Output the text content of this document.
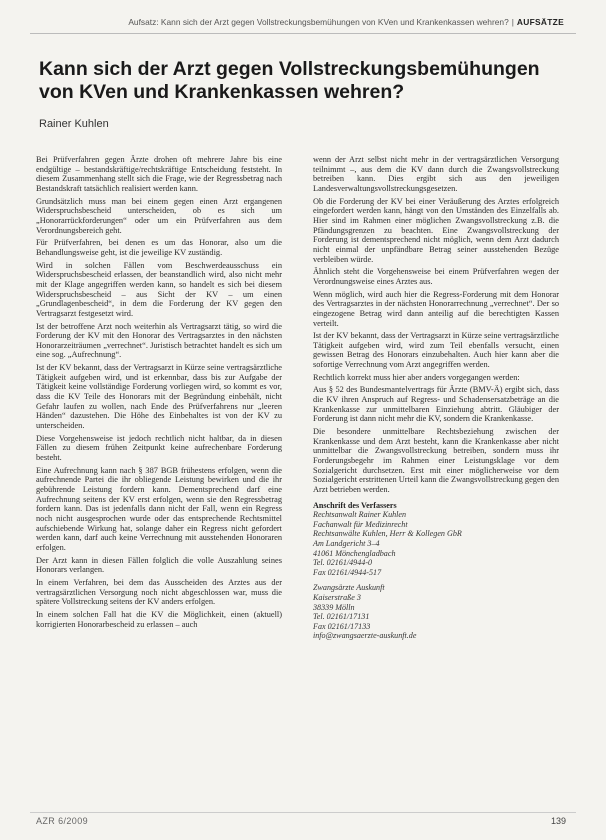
Aufsatz: Kann sich der Arzt gegen Vollstreckungsbemühungen von KVen und Krankenkassen wehren? | AUFSÄTZE
Kann sich der Arzt gegen Vollstreckungsbemühungen von KVen und Krankenkassen wehren?
Rainer Kuhlen

Bei Prüfverfahren gegen Ärzte drohen oft mehrere Jahre bis eine endgültige – bestandskräftige/rechtskräftige Entscheidung feststeht. In diesem Zusammenhang stellt sich die Frage, wie der Regressbetrag nach Bestandskraft tatsächlich realisiert werden kann.

Grundsätzlich muss man bei einem gegen einen Arzt ergangenen Widerspruchsbescheid unterscheiden, ob es sich um „Honorarrückforderungen“ oder um ein Prüfverfahren aus dem Verordnungsbereich geht.

Für Prüfverfahren, bei denen es um das Honorar, also um die Behandlungsweise geht, ist die jeweilige KV zuständig.

Wird in solchen Fällen vom Beschwerdeausschuss ein Widerspruchsbescheid erlassen, der beanstandlich wird, also nicht mehr mit der Klage angegriffen werden kann, so handelt es sich bei diesem Widerspruchsbescheid – aus Sicht der KV – um einen „Grundlagenbescheid“, in dem die Forderung der KV gegen den Vertragsarzt festgesetzt wird.

Ist der betroffene Arzt noch weiterhin als Vertragsarzt tätig, so wird die Forderung der KV mit den Honorar des Vertragsarztes in den nächsten Honorarzeiträumen „verrechnet“. Juristisch betrachtet handelt es sich um eine sog. „Aufrechnung“.

Ist der KV bekannt, dass der Vertragsarzt in Kürze seine vertragsärztliche Tätigkeit aufgeben wird, und ist erkennbar, dass bis zur Aufgabe der Tätigkeit keine vollständige Forderung vorliegen wird, so kommt es vor, dass die KV Teile des Honorars mit der Begründung einbehält, nicht Gefahr laufen zu wollen, nach Ende des Prüfverfahrens nur „leeren Händen“ dazustehen. Die Höhe des Einbehaltes ist von der KV zu unterscheiden.

Diese Vorgehensweise ist jedoch rechtlich nicht haltbar, da in diesen Fällen zu diesem frühen Zeitpunkt keine aufrechenbare Forderung besteht.

Eine Aufrechnung kann nach § 387 BGB frühestens erfolgen, wenn die aufrechnende Partei die ihr obliegende Leistung bewirken und die ihr gebührende Leistung fordern kann. Dementsprechend darf eine Aufrechnung seitens der KV erst erfolgen, wenn sie den Regressbetrag fordern kann. Das ist jedenfalls dann nicht der Fall, wenn ein Regress noch nicht ausgesprochen wurde oder das entsprechende Rechtsmittel aufschiebende Wirkung hat, solange daher ein Regress nicht gefordert werden kann, darf auch keine Verrechnung mit ausstehenden Honoraren erfolgen.

Der Arzt kann in diesen Fällen folglich die volle Auszahlung seines Honorars verlangen.

In einem Verfahren, bei dem das Ausscheiden des Arztes aus der vertragsärztlichen Versorgung noch nicht abgeschlossen war, muss die spätere Vollstreckung seitens der KV anders erfolgen.

In einem solchen Fall hat die KV die Möglichkeit, einen (aktuell) korrigierten Honorarbescheid zu erlassen – auch

wenn der Arzt selbst nicht mehr in der vertragsärztlichen Versorgung teilnimmt –, aus dem die KV dann durch die Zwangsvollstreckung betreiben kann. Dies ergibt sich aus den jeweiligen Landesverwaltungsvollstreckungsgesetzen.

Ob die Forderung der KV bei einer Veräußerung des Arztes erfolgreich eingefordert werden kann, hängt von den Umständen des Einzelfalls ab. Hier sind im Rahmen einer möglichen Zwangsvollstreckung z.B. die Pfändungsgrenzen zu beachten. Eine Zwangsvollstreckung der Forderung ist dementsprechend nicht möglich, wenn dem Arzt dadurch nicht einmal der unpfändbare Betrag seiner ausstehenden Bezüge verbleiben würde.

Ähnlich steht die Vorgehensweise bei einem Prüfverfahren wegen der Verordnungsweise eines Arztes aus.

Wenn möglich, wird auch hier die Regress-Forderung mit dem Honorar des Vertragsarztes in der nächsten Honorarrechnung „verrechnet“. Der so eingezogene Betrag wird dann anteilig auf die berechtigten Kassen verteilt.

Ist der KV bekannt, dass der Vertragsarzt in Kürze seine vertragsärztliche Tätigkeit aufgeben wird, wird zum Teil ebenfalls versucht, einen gewissen Betrag des Honorars einzubehalten. Auch hier kann aber die sofortige Verrechnung vom Arzt angegriffen werden.

Rechtlich korrekt muss hier aber anders vorgegangen werden:

Aus § 52 des Bundesmantelvertrags für Ärzte (BMV-Ä) ergibt sich, dass die KV ihren Anspruch auf Regress- und Schadensersatzbeträge an die Krankenkasse zur unmittelbaren Einziehung abtritt. Gläubiger der Forderung ist dann nicht mehr die KV, sondern die Krankenkasse.

Die besondere unmittelbare Rechtsbeziehung zwischen der Krankenkasse und dem Arzt besteht, kann die Krankenkasse aber nicht unmittelbar die Zwangsvollstreckung betreiben, sondern muss ihr Forderungsbegehr im Rahmen einer Leistungsklage vor dem Sozialgericht durchsetzen. Erst mit einer möglicherweise vor dem Sozialgericht erstrittenen Urteil kann die Zwangsvollstreckung gegen den Arzt betrieben werden.

Anschrift des Verfassers
Rechtsanwalt Rainer Kuhlen
Fachanwalt für Medizinrecht
Rechtsanwälte Kuhlen, Herr & Kollegen GbR
Am Landgericht 3–4
41061 Mönchengladbach
Tel. 02161/4944-0
Fax 02161/4944-517
Zwangsärzte Auskunft
Kaiserstraße 3
38339 Mölln
Tel. 02161/17131
Fax 02161/17133
info@zwangsaerzte-auskunft.de
AZR 6/2009	139
